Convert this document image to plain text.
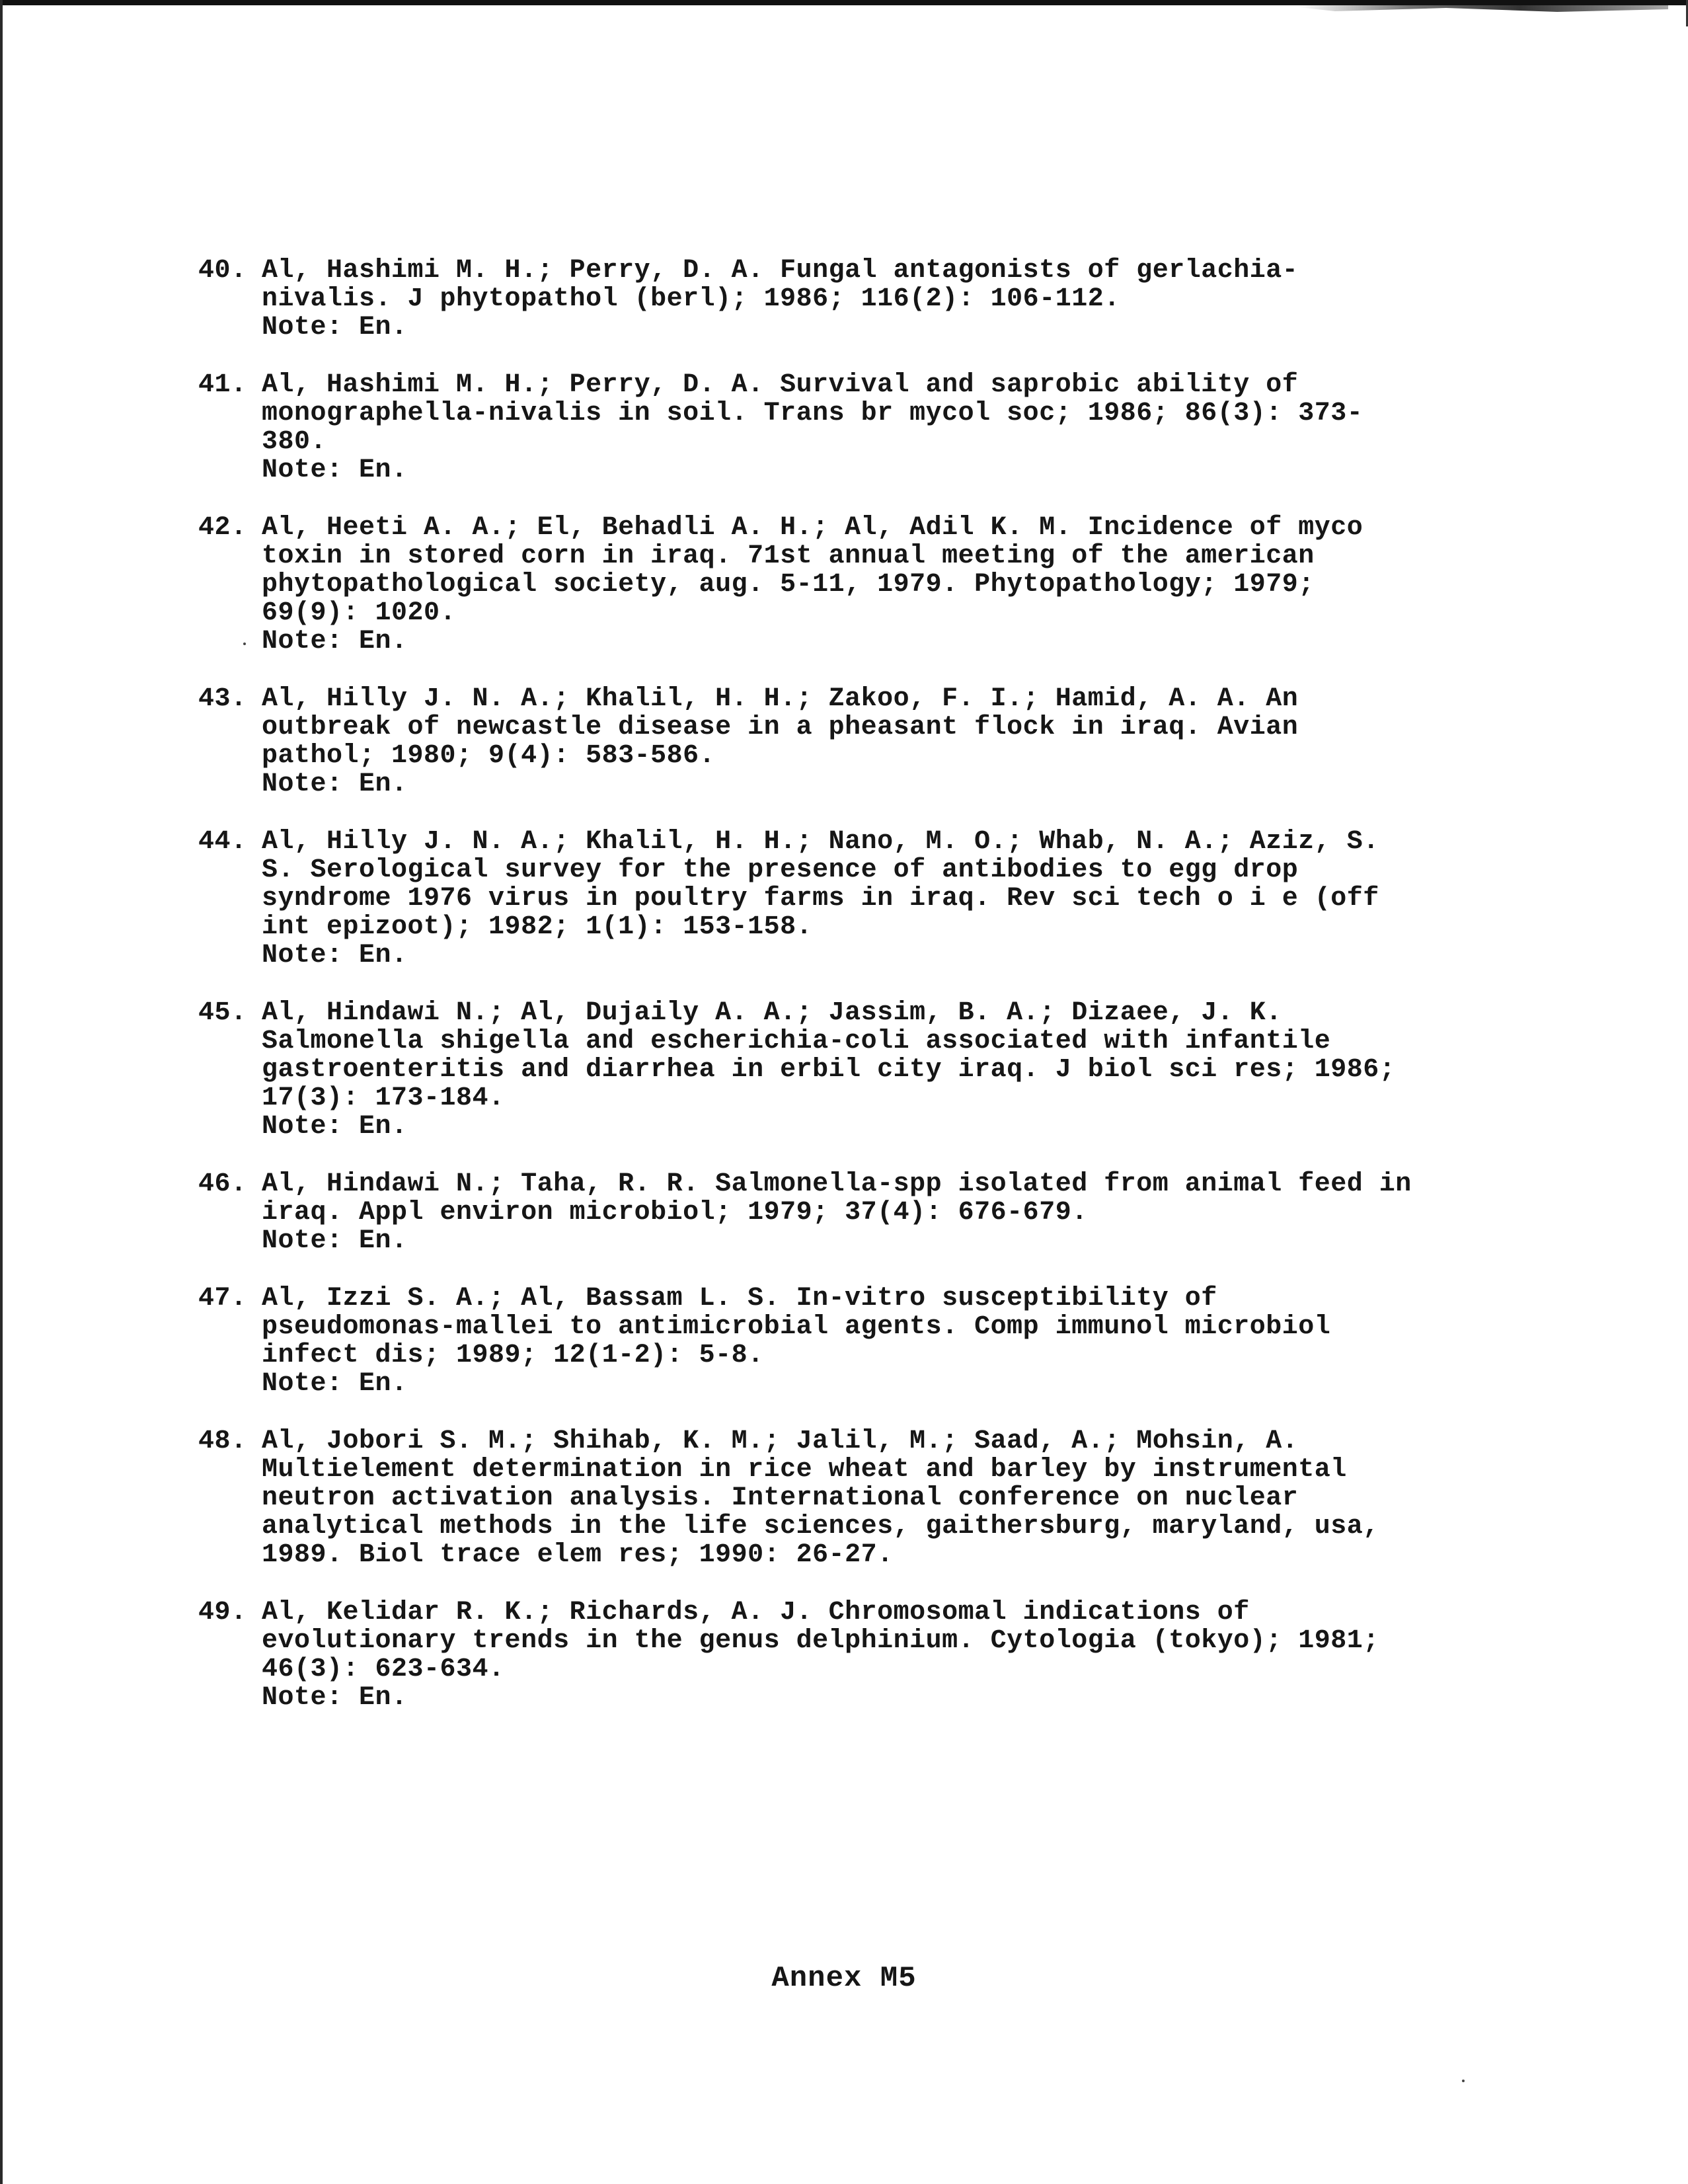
40. Al, Hashimi M. H.; Perry, D. A. Fungal antagonists of gerlachia-
nivalis. J phytopathol (berl); 1986; 116(2): 106-112.
Note: En.
41. Al, Hashimi M. H.; Perry, D. A. Survival and saprobic ability of
monographella-nivalis in soil. Trans br mycol soc; 1986; 86(3): 373-
380.
Note: En.
42. Al, Heeti A. A.; El, Behadli A. H.; Al, Adil K. M. Incidence of myco
toxin in stored corn in iraq. 71st annual meeting of the american
phytopathological society, aug. 5-11, 1979. Phytopathology; 1979;
69(9): 1020.
Note: En.
43. Al, Hilly J. N. A.; Khalil, H. H.; Zakoo, F. I.; Hamid, A. A. An
outbreak of newcastle disease in a pheasant flock in iraq. Avian
pathol; 1980; 9(4): 583-586.
Note: En.
44. Al, Hilly J. N. A.; Khalil, H. H.; Nano, M. O.; Whab, N. A.; Aziz, S.
S. Serological survey for the presence of antibodies to egg drop
syndrome 1976 virus in poultry farms in iraq. Rev sci tech o i e (off
int epizoot); 1982; 1(1): 153-158.
Note: En.
45. Al, Hindawi N.; Al, Dujaily A. A.; Jassim, B. A.; Dizaee, J. K.
Salmonella shigella and escherichia-coli associated with infantile
gastroenteritis and diarrhea in erbil city iraq. J biol sci res; 1986;
17(3): 173-184.
Note: En.
46. Al, Hindawi N.; Taha, R. R. Salmonella-spp isolated from animal feed in
iraq. Appl environ microbiol; 1979; 37(4): 676-679.
Note: En.
47. Al, Izzi S. A.; Al, Bassam L. S. In-vitro susceptibility of
pseudomonas-mallei to antimicrobial agents. Comp immunol microbiol
infect dis; 1989; 12(1-2): 5-8.
Note: En.
48. Al, Jobori S. M.; Shihab, K. M.; Jalil, M.; Saad, A.; Mohsin, A.
Multielement determination in rice wheat and barley by instrumental
neutron activation analysis. International conference on nuclear
analytical methods in the life sciences, gaithersburg, maryland, usa,
1989. Biol trace elem res; 1990: 26-27.
49. Al, Kelidar R. K.; Richards, A. J. Chromosomal indications of
evolutionary trends in the genus delphinium. Cytologia (tokyo); 1981;
46(3): 623-634.
Note: En.
Annex M5
